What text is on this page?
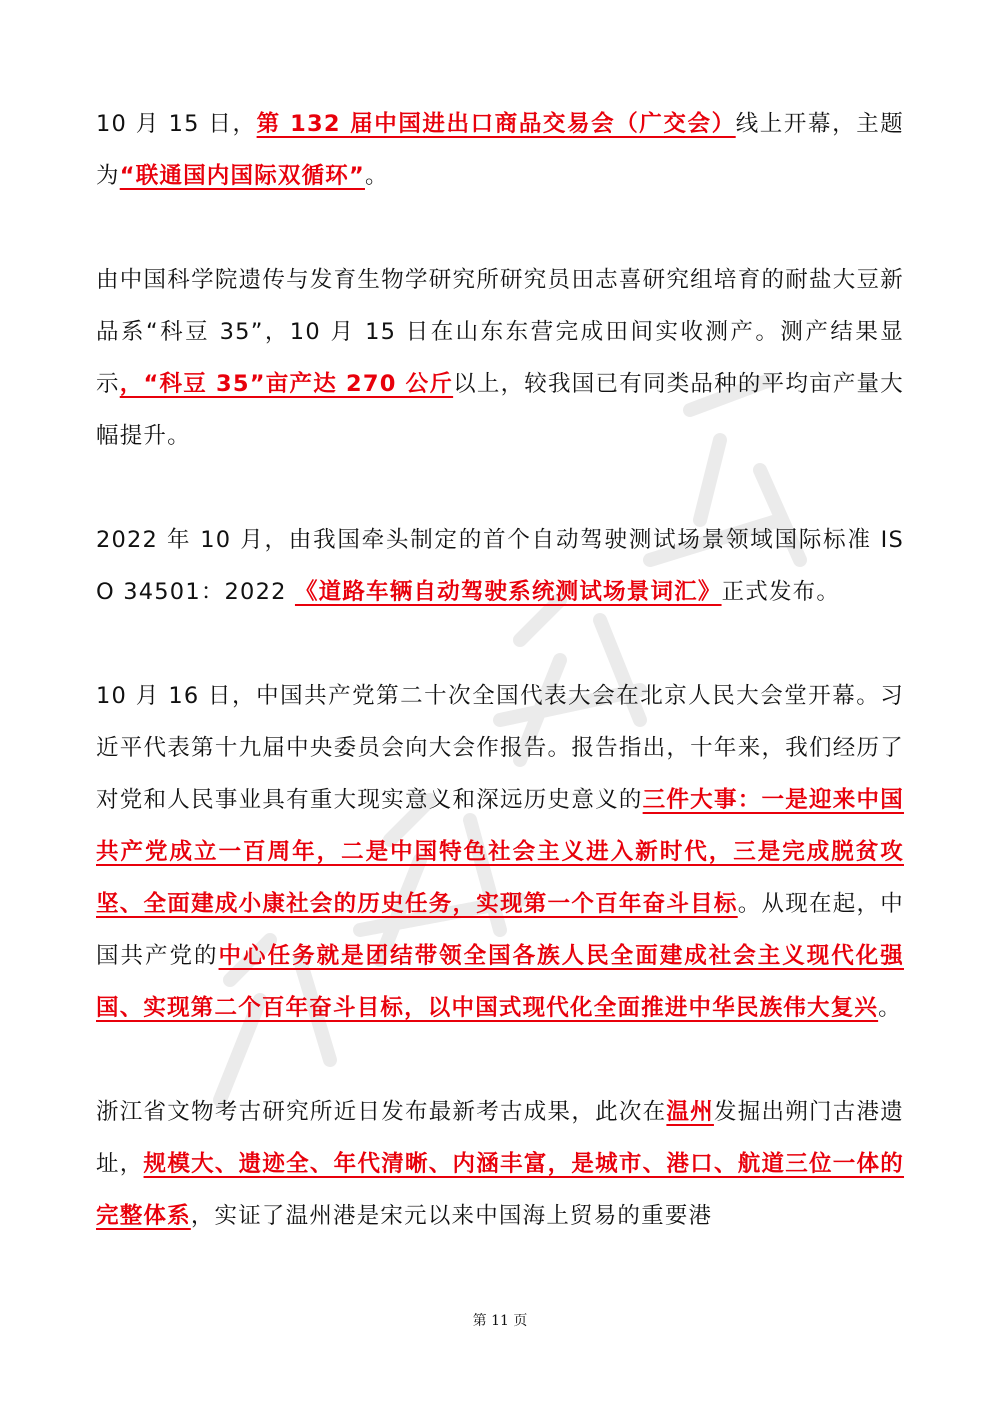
10 月 15 日，第 132 届中国进出口商品交易会（广交会）线上开幕，主题为“联通国内国际双循环”。

由中国科学院遗传与发育生物学研究所研究员田志喜研究组培育的耐盐大豆新品系“科豆 35”，10 月 15 日在山东东营完成田间实收测产。测产结果显示，“科豆 35”亩产达 270 公斤以上，较我国已有同类品种的平均亩产量大幅提升。

2022 年 10 月，由我国牵头制定的首个自动驾驶测试场景领域国际标准 ISO 34501：2022 《道路车辆自动驾驶系统测试场景词汇》正式发布。

10 月 16 日，中国共产党第二十次全国代表大会在北京人民大会堂开幕。习近平代表第十九届中央委员会向大会作报告。报告指出，十年来，我们经历了对党和人民事业具有重大现实意义和深远历史意义的三件大事：一是迎来中国共产党成立一百周年，二是中国特色社会主义进入新时代，三是完成脱贫攻坚、全面建成小康社会的历史任务，实现第一个百年奋斗目标。从现在起，中国共产党的中心任务就是团结带领全国各族人民全面建成社会主义现代化强国、实现第二个百年奋斗目标，以中国式现代化全面推进中华民族伟大复兴。

浙江省文物考古研究所近日发布最新考古成果，此次在温州发掘出朔门古港遗址，规模大、遗迹全、年代清晰、内涵丰富，是城市、港口、航道三位一体的完整体系，实证了温州港是宋元以来中国海上贸易的重要港

第 11 页
